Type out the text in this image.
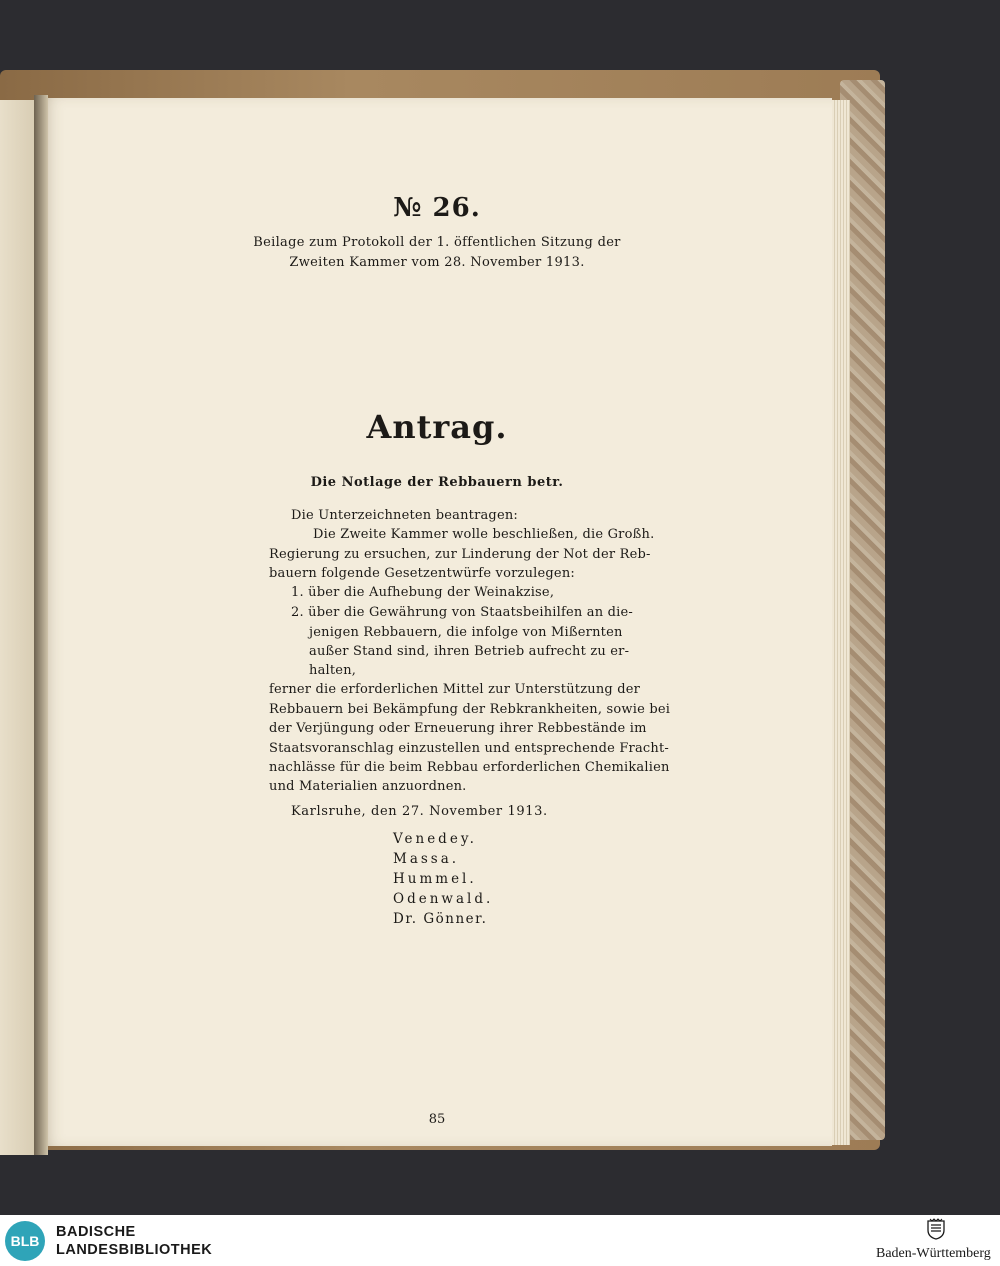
№ 26.
Beilage zum Protokoll der 1. öffentlichen Sitzung der
Zweiten Kammer vom 28. November 1913.
Antrag.
Die Notlage der Rebbauern betr.
Die Unterzeichneten beantragen:
Die Zweite Kammer wolle beschließen, die Großh.
Regierung zu ersuchen, zur Linderung der Not der Reb-
bauern folgende Gesetzentwürfe vorzulegen:
1. über die Aufhebung der Weinakzise,
2. über die Gewährung von Staatsbeihilfen an die-
jenigen Rebbauern, die infolge von Mißernten
außer Stand sind, ihren Betrieb aufrecht zu er-
halten,
ferner die erforderlichen Mittel zur Unterstützung der
Rebbauern bei Bekämpfung der Rebkrankheiten, sowie bei
der Verjüngung oder Erneuerung ihrer Rebbestände im
Staatsvoranschlag einzustellen und entsprechende Fracht-
nachlässe für die beim Rebbau erforderlichen Chemikalien
und Materialien anzuordnen.
Karlsruhe, den 27. November 1913.
Venedey.
Massa.
Hummel.
Odenwald.
Dr. Gönner.
85
BLB
BADISCHE
LANDESBIBLIOTHEK	Baden-Württemberg
